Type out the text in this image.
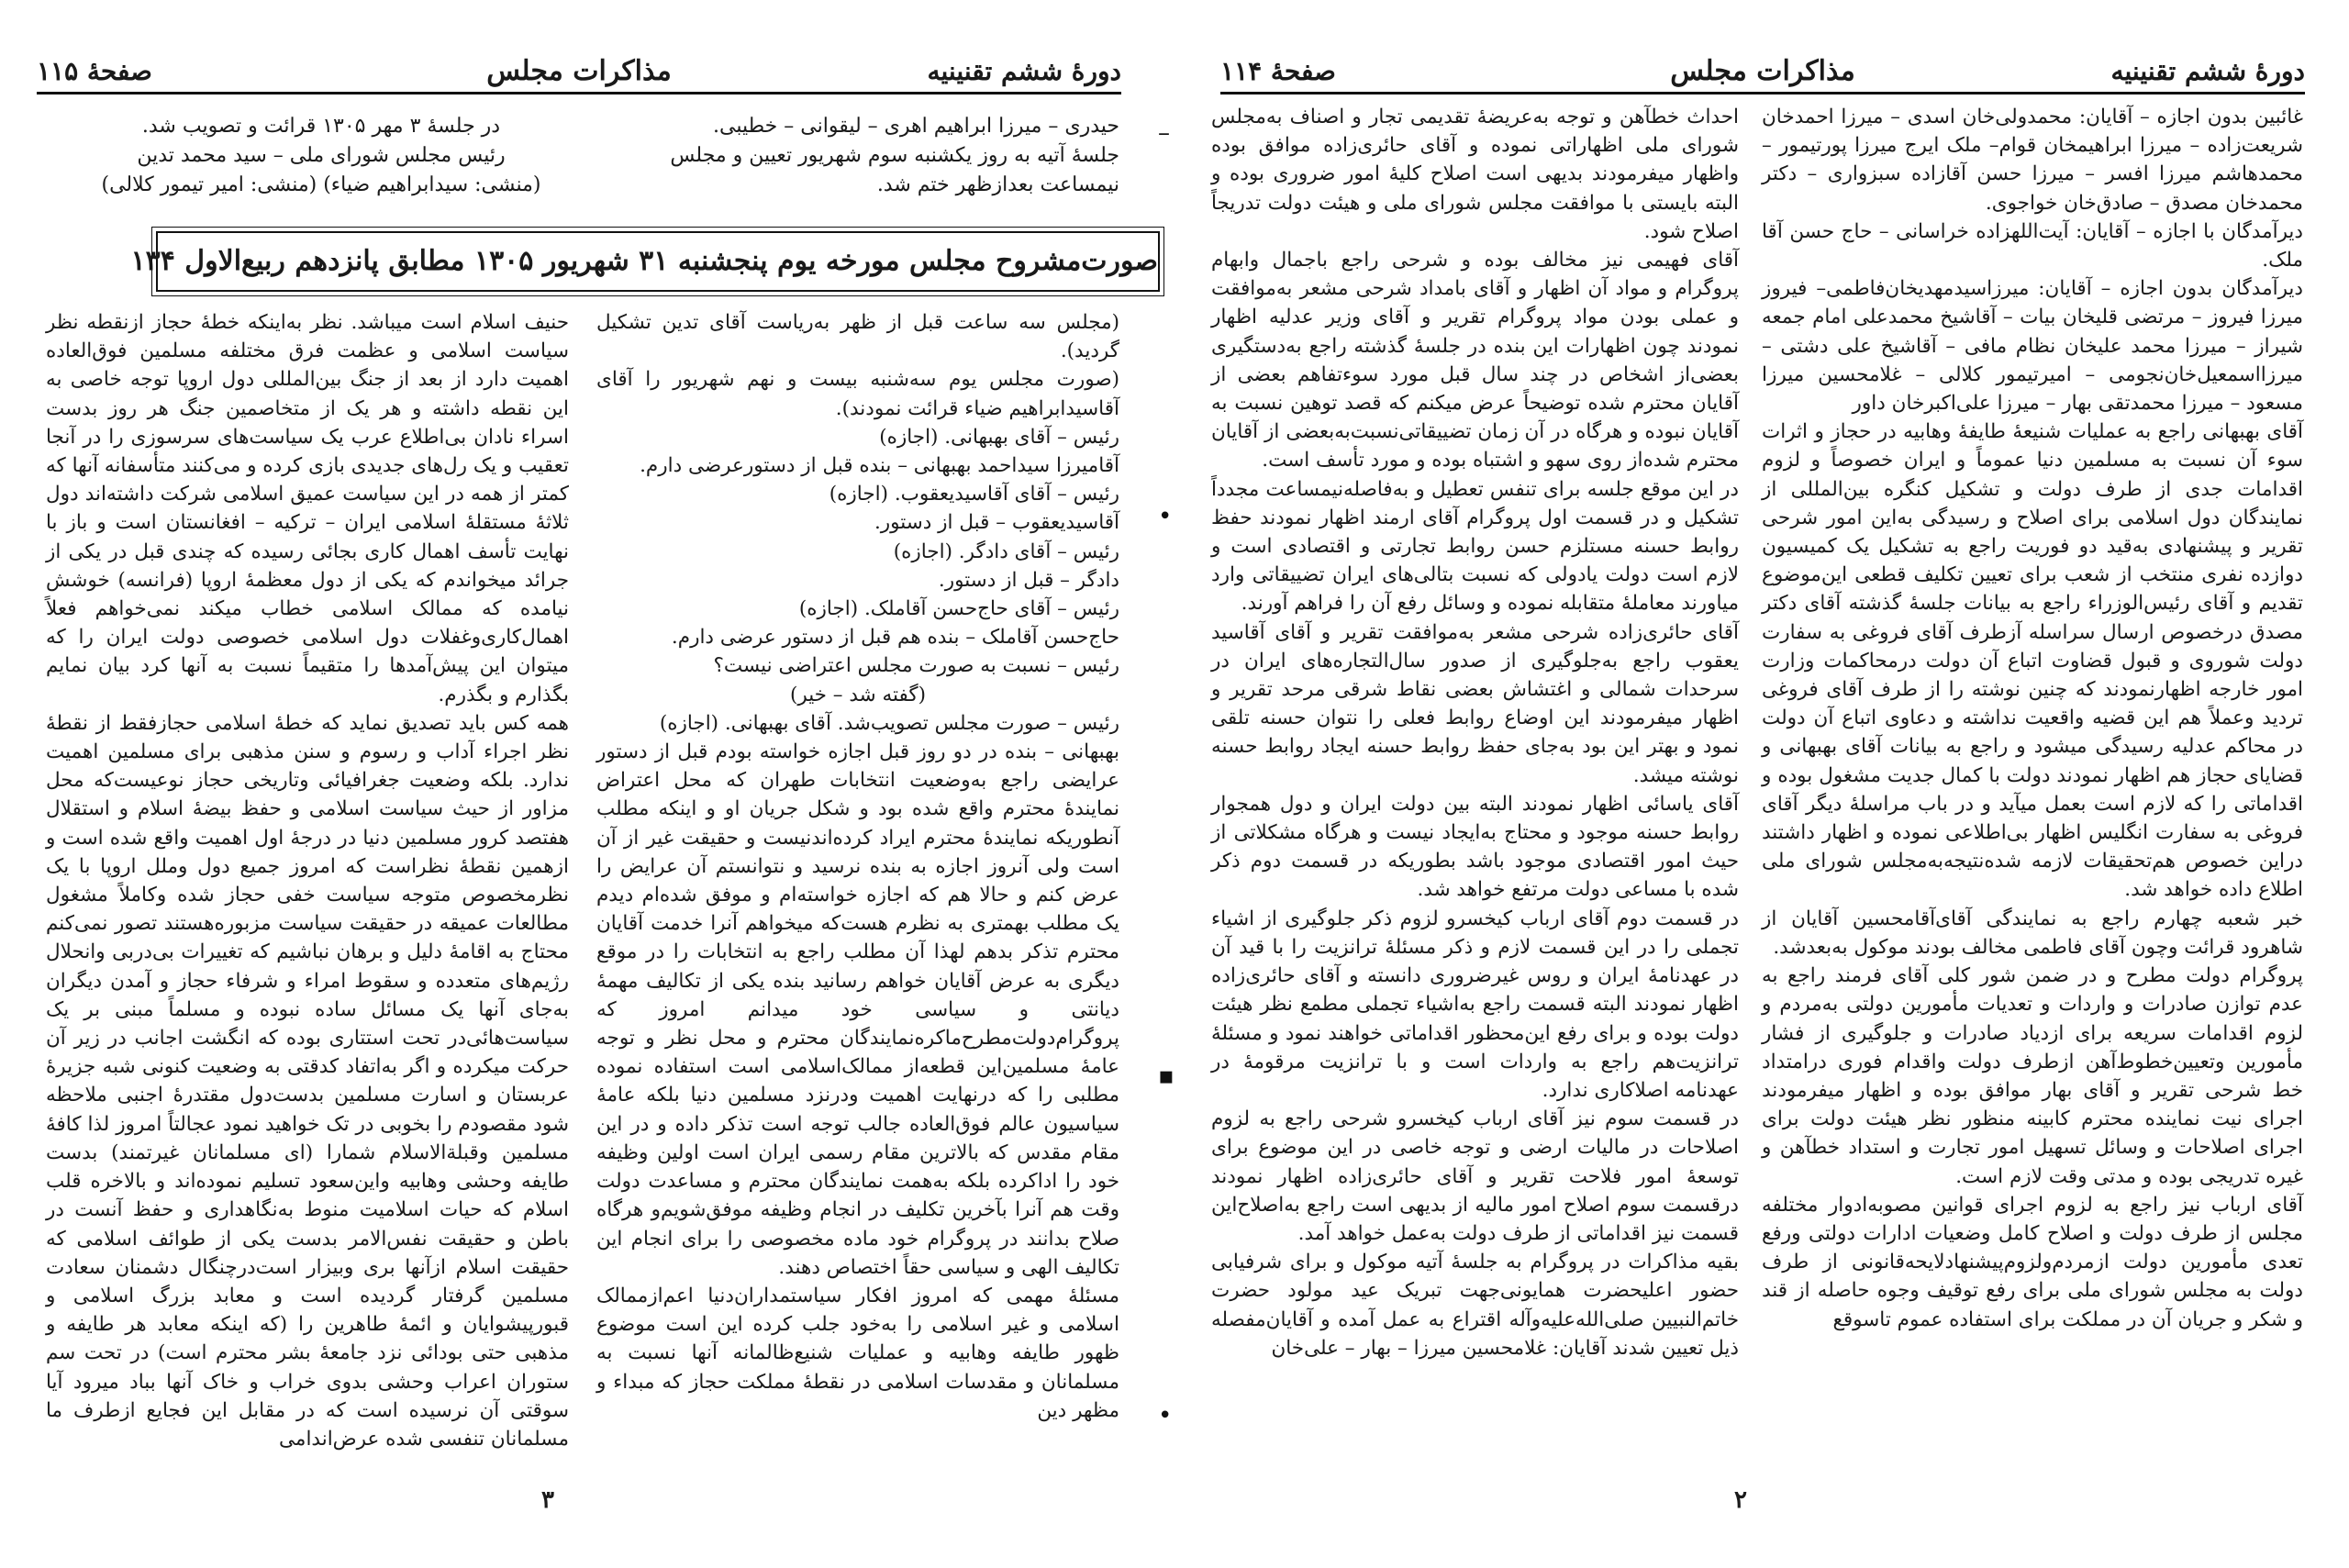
دورهٔ ششم تقنینیه
مذاکرات مجلس
صفحهٔ ۱۱۵

حیدری – میرزا ابراهیم اهری – لیقوانی – خطیبی.

جلسهٔ آتیه به روز یکشنبه سوم شهریور تعیین و مجلس نیمساعت بعدازظهر ختم شد.

در جلسهٔ ۳ مهر ۱۳۰۵ قرائت و تصویب شد.

رئیس مجلس شورای ملی – سید محمد تدین

(منشی: سیدابراهیم ضیاء) (منشی: امیر تیمور کلالی)

صورت‌مشروح مجلس مورخه یوم پنجشنبه ۳۱ شهریور ۱۳۰۵ مطابق پانزدهم ربیع‌الاول ۱۳۴

(مجلس سه ساعت قبل از ظهر به‌ریاست آقای تدین تشکیل گردید).

(صورت مجلس یوم سه‌شنبه بیست و نهم شهریور را آقای آقاسیدابراهیم ضیاء قرائت نمودند).

رئیس – آقای بهبهانی. (اجازه)

آقامیرزا سیداحمد بهبهانی – بنده قبل از دستورعرضی دارم.

رئیس – آقای آقاسیدیعقوب. (اجازه)

آقاسیدیعقوب – قبل از دستور.

رئیس – آقای دادگر. (اجازه)

دادگر – قبل از دستور.

رئیس – آقای حاج‌حسن آقاملک. (اجازه)

حاج‌حسن آقاملک – بنده هم قبل از دستور عرضی دارم.

رئیس – نسبت به صورت مجلس اعتراضی نیست؟

(گفته شد – خیر)

رئیس – صورت مجلس تصویب‌شد. آقای بهبهانی. (اجازه)

بهبهانی – بنده در دو روز قبل اجازه خواسته بودم قبل از دستور عرایضی راجع به‌وضعیت انتخابات طهران که محل اعتراض نمایندهٔ محترم واقع شده بود و شکل جریان او و اینکه مطلب آنطوریکه نمایندهٔ محترم ایراد کرده‌اندنیست و حقیقت غیر از آن است ولی آنروز اجازه به بنده نرسید و نتوانستم آن عرایض را عرض کنم و حالا هم که اجازه خواسته‌ام و موفق شده‌ام دیدم یک مطلب بهمتری به نظرم هست‌که میخواهم آنرا خدمت آقایان محترم تذکر بدهم لهذا آن مطلب راجع به انتخابات را در موقع دیگری به عرض آقایان خواهم رسانید بنده یکی از تکالیف مهمهٔ دیانتی و سیاسی خود میدانم امروز که پروگرام‌دولت‌مطرح‌ماکره‌نمایندگان محترم و محل نظر و توجه عامهٔ مسلمین‌این قطعه‌از ممالک‌اسلامی است استفاده نموده مطلبی را که درنهایت اهمیت ودرنزد مسلمین دنیا بلکه عامهٔ سیاسیون عالم فوق‌العاده جالب توجه است تذکر داده و در این مقام مقدس که بالاترین مقام رسمی ایران است اولین وظیفه خود را اداکرده بلکه به‌همت نمایندگان محترم و مساعدت دولت وقت هم آنرا بآخرین تکلیف در انجام وظیفه موفق‌شویم‌و هرگاه صلاح بدانند در پروگرام خود ماده مخصوصی را برای انجام این تکالیف الهی و سیاسی حقاً اختصاص دهند.

مسئلهٔ مهمی که امروز افکار سیاستمداران‌دنیا اعم‌ازممالک اسلامی و غیر اسلامی را به‌خود جلب کرده این است موضوع ظهور طایفه وهابیه و عملیات شنیع‌ظالمانه آنها نسبت به مسلمانان و مقدسات اسلامی در نقطهٔ مملکت حجاز که مبداء و مظهر دین

حنیف اسلام است میباشد. نظر به‌اینکه خطهٔ حجاز ازنقطه نظر سیاست اسلامی و عظمت فرق مختلفه مسلمین فوق‌العاده اهمیت دارد از بعد از جنگ بین‌المللی دول اروپا توجه خاصی به این نقطه داشته و هر یک از متخاصمین جنگ هر روز بدست اسراء نادان بی‌اطلاع عرب یک سیاست‌های سرسوزی را در آنجا تعقیب و یک رل‌های جدیدی بازی کرده و می‌کنند متأسفانه آنها که کمتر از همه در این سیاست عمیق اسلامی شرکت داشته‌اند دول ثلاثهٔ مستقلهٔ اسلامی ایران – ترکیه – افغانستان است و باز با نهایت تأسف اهمال کاری بجائی رسیده که چندی قبل در یکی از جرائد میخواندم که یکی از دول معظمهٔ اروپا (فرانسه) خوشش نیامده که ممالک اسلامی خطاب میکند نمی‌خواهم فعلاً اهمال‌کاری‌وغفلات دول اسلامی خصوصی دولت ایران را که میتوان این پیش‌آمدها را متقیماً نسبت به آنها کرد بیان نمایم بگذارم و بگذرم.

همه کس باید تصدیق نماید که خطهٔ اسلامی حجازفقط از نقطهٔ نظر اجراء آداب و رسوم و سنن مذهبی برای مسلمین اهمیت ندارد. بلکه وضعیت جغرافیائی وتاریخی حجاز نوعیست‌که محل مزاور از حیث سیاست اسلامی و حفظ بیضهٔ اسلام و استقلال هفتصد کرور مسلمین دنیا در درجهٔ اول اهمیت واقع شده است و ازهمین نقطهٔ نظراست که امروز جمیع دول وملل اروپا با یک نظرمخصوص متوجه سیاست خفی حجاز شده وکاملاً مشغول مطالعات عمیقه در حقیقت سیاست مزبوره‌هستند تصور نمی‌کنم محتاج به اقامهٔ دلیل و برهان نباشیم که تغییرات بی‌دربی وانحلال رژیم‌های متعدده و سقوط امراء و شرفاء حجاز و آمدن دیگران به‌جای آنها یک مسائل ساده نبوده و مسلماً مبنی بر یک سیاست‌هائی‌در تحت استتاری بوده که انگشت اجانب در زیر آن حرکت میکرده و اگر به‌اتفاد کدقتی به وضعیت کنونی شبه جزیرهٔ عربستان و اسارت مسلمین بدست‌دول مقتدرهٔ اجنبی ملاحظه شود مقصودم را بخوبی در تک خواهید نمود عجالتاً امروز لذا کافهٔ مسلمین وقبلةالاسلام شمارا (ای مسلمانان غیرتمند) بدست طایفه وحشی وهابیه واین‌سعود تسلیم نموده‌اند و بالاخره قلب اسلام که حیات اسلامیت منوط به‌نگاهداری و حفظ آنست در باطن و حقیقت نفس‌الامر بدست یکی از طوائف اسلامی که حقیقت اسلام ازآنها بری وبیزار است‌درچنگال دشمنان سعادت مسلمین گرفتار گردیده است و معابد بزرگ اسلامی و قبورپیشوایان و ائمهٔ طاهرین را (که اینکه معابد هر طایفه و مذهبی حتی بودائی نزد جامعهٔ بشر محترم است) در تحت سم ستوران اعراب وحشی بدوی خراب و خاک آنها بباد میرود آیا سوقتی آن نرسیده است که در مقابل این فجایع ازطرف ما مسلمانان تنفسی شده عرض‌اندامی

۳
–
•
▪
•
دورهٔ ششم تقنینیه
مذاکرات مجلس
صفحهٔ ۱۱۴

غائبین بدون اجازه – آقایان: محمدولی‌خان اسدی – میرزا احمدخان شریعت‌زاده – میرزا ابراهیمخان قوام‌– ملک ایرج میرزا پورتیمور – محمدهاشم میرزا افسر – میرزا حسن آقازاده سبزواری – دکتر محمدخان مصدق – صادق‌خان خواجوی.

دیرآمدگان با اجازه – آقایان: آیت‌اللهزاده خراسانی – حاج حسن آقا ملک.

دیرآمدگان بدون اجازه – آقایان: میرزاسیدمهدیخان‌فاطمی‌– فیروز میرزا فیروز – مرتضی قلیخان بیات – آقاشیخ محمدعلی امام جمعه شیراز – میرزا محمد علیخان نظام مافی – آقاشیخ علی دشتی – میرزااسمعیل‌خان‌نجومی – امیرتیمور کلالی – غلامحسین میرزا مسعود – میرزا محمدتقی بهار – میرزا علی‌اکبرخان داور

آقای بهبهانی راجع به عملیات شنیعهٔ طایفهٔ وهابیه در حجاز و اثرات سوء آن نسبت به مسلمین دنیا عموماً و ایران خصوصاً و لزوم اقدامات جدی از طرف دولت و تشکیل کنگره بین‌المللی از نمایندگان دول اسلامی برای اصلاح و رسیدگی به‌این امور شرحی تقریر و پیشنهادی به‌قید دو فوریت راجع به تشکیل یک کمیسیون دوازده نفری منتخب از شعب برای تعیین تکلیف قطعی این‌موضوع تقدیم و آقای رئیس‌الوزراء راجع به بیانات جلسهٔ گذشته آقای دکتر مصدق درخصوص ارسال سراسله آزطرف آقای فروغی به سفارت دولت شوروی و قبول قضاوت اتباع آن دولت درمحاکمات وزارت امور خارجه اظهارنمودند که چنین نوشته را از طرف آقای فروغی تردید وعملاً هم این قضیه واقعیت نداشته و دعاوی اتباع آن دولت در محاکم عدلیه رسیدگی میشود و راجع به بیانات آقای بهبهانی و قضایای حجاز هم اظهار نمودند دولت با کمال جدیت مشغول بوده و اقداماتی را که لازم است بعمل میآید و در باب مراسلهٔ دیگر آقای فروغی به سفارت انگلیس اظهار بی‌اطلاعی نموده و اظهار داشتند دراین خصوص هم‌تحقیقات لازمه شده‌نتیجه‌به‌مجلس شورای ملی اطلاع داده خواهد شد.

خبر شعبه چهارم راجع به نمایندگی آقای‌آقامحسین آقایان از شاهرود قرائت وچون آقای فاطمی مخالف بودند موکول به‌بعدشد.

پروگرام دولت مطرح و در ضمن شور کلی آقای فرمند راجع به عدم توازن صادرات و واردات و تعدیات مأمورین دولتی به‌مردم و لزوم اقدامات سریعه برای ازدیاد صادرات و جلوگیری از فشار مأمورین وتعیین‌خطوط‌آهن ازطرف دولت واقدام فوری درامتداد خط شرحی تقریر و آقای بهار موافق بوده و اظهار میفرمودند اجرای نیت نماینده محترم کابینه منظور نظر هیئت دولت برای اجرای اصلاحات و وسائل تسهیل امور تجارت و استداد خطآهن و غیره تدریجی بوده و مدتی وقت لازم است.

آقای ارباب نیز راجع به لزوم اجرای قوانین مصوبه‌ادوار مختلفه مجلس از طرف دولت و اصلاح کامل وضعیات ادارات دولتی ورفع تعدی مأمورین دولت ازمردم‌ولزوم‌پیشنهادلایحه‌قانونی از طرف دولت به مجلس شورای ملی برای رفع توقیف وجوه حاصله از قند و شکر و جریان آن در مملکت برای استفاده عموم تاسوقع

احداث خطآهن و توجه به‌عریضهٔ تقدیمی تجار و اصناف به‌مجلس شورای ملی اظهاراتی نموده و آقای حائری‌زاده موافق بوده واظهار میفرمودند بدیهی است اصلاح کلیهٔ امور ضروری بوده و البته بایستی با موافقت مجلس شورای ملی و هیئت دولت تدریجاً اصلاح شود.

آقای فهیمی نیز مخالف بوده و شرحی راجع باجمال وابهام پروگرام و مواد آن اظهار و آقای بامداد شرحی مشعر به‌موافقت و عملی بودن مواد پروگرام تقریر و آقای وزیر عدلیه اظهار نمودند چون اظهارات این بنده در جلسهٔ گذشته راجع به‌دستگیری بعضی‌از اشخاص در چند سال قبل مورد سوءتفاهم بعضی از آقایان محترم شده توضیحاً عرض میکنم که قصد توهین نسبت به آقایان نبوده و هرگاه در آن زمان تضییقاتی‌نسبت‌به‌بعضی از آقایان محترم شده‌از روی سهو و اشتباه بوده و مورد تأسف است.

در این موقع جلسه برای تنفس تعطیل و به‌فاصله‌نیمساعت مجدداً تشکیل و در قسمت اول پروگرام آقای ارمند اظهار نمودند حفظ روابط حسنه مستلزم حسن روابط تجارتی و اقتصادی است و لازم است دولت یادولی که نسبت بتالی‌های ایران تضییقاتی وارد میاورند معاملهٔ متقابله نموده و وسائل رفع آن را فراهم آورند.

آقای حائری‌زاده شرحی مشعر به‌موافقت تقریر و آقای آقاسید یعقوب راجع به‌جلوگیری از صدور سال‌التجاره‌های ایران در سرحدات شمالی و اغتشاش بعضی نقاط شرقی مرحد تقریر و اظهار میفرمودند این اوضاع روابط فعلی را نتوان حسنه تلقی نمود و بهتر این بود به‌جای حفظ روابط حسنه ایجاد روابط حسنه نوشته میشد.

آقای یاسائی اظهار نمودند البته بین دولت ایران و دول همجوار روابط حسنه موجود و محتاج به‌ایجاد نیست و هرگاه مشکلاتی از حیث امور اقتصادی موجود باشد بطوریکه در قسمت دوم ذکر شده با مساعی دولت مرتفع خواهد شد.

در قسمت دوم آقای ارباب کیخسرو لزوم ذکر جلوگیری از اشیاء تجملی را در این قسمت لازم و ذکر مسئلهٔ ترانزیت را با قید آن در عهدنامهٔ ایران و روس غیرضروری دانسته و آقای حائری‌زاده اظهار نمودند البته قسمت راجع به‌اشیاء تجملی مطمع نظر هیئت دولت بوده و برای رفع این‌محظور اقداماتی خواهند نمود و مسئلهٔ ترانزیت‌هم راجع به واردات است و با ترانزیت مرقومهٔ در عهدنامه اصلاکاری ندارد.

در قسمت سوم نیز آقای ارباب کیخسرو شرحی راجع به لزوم اصلاحات در مالیات ارضی و توجه خاصی در این موضوع برای توسعهٔ امور فلاحت تقریر و آقای حائری‌زاده اظهار نمودند درقسمت سوم اصلاح امور مالیه از بدیهی است راجع به‌اصلاح‌این قسمت نیز اقداماتی از طرف دولت به‌عمل خواهد آمد.

بقیه مذاکرات در پروگرام به جلسهٔ آتیه موکول و برای شرفیابی حضور اعلیحضرت همایونی‌جهت تبریک عید مولود حضرت خاتم‌النبیین صلی‌الله‌علیه‌وآله اقتراع به عمل آمده و آقایان‌مفصله ذیل تعیین شدند آقایان: غلامحسین میرزا – بهار – علی‌خان

۲
